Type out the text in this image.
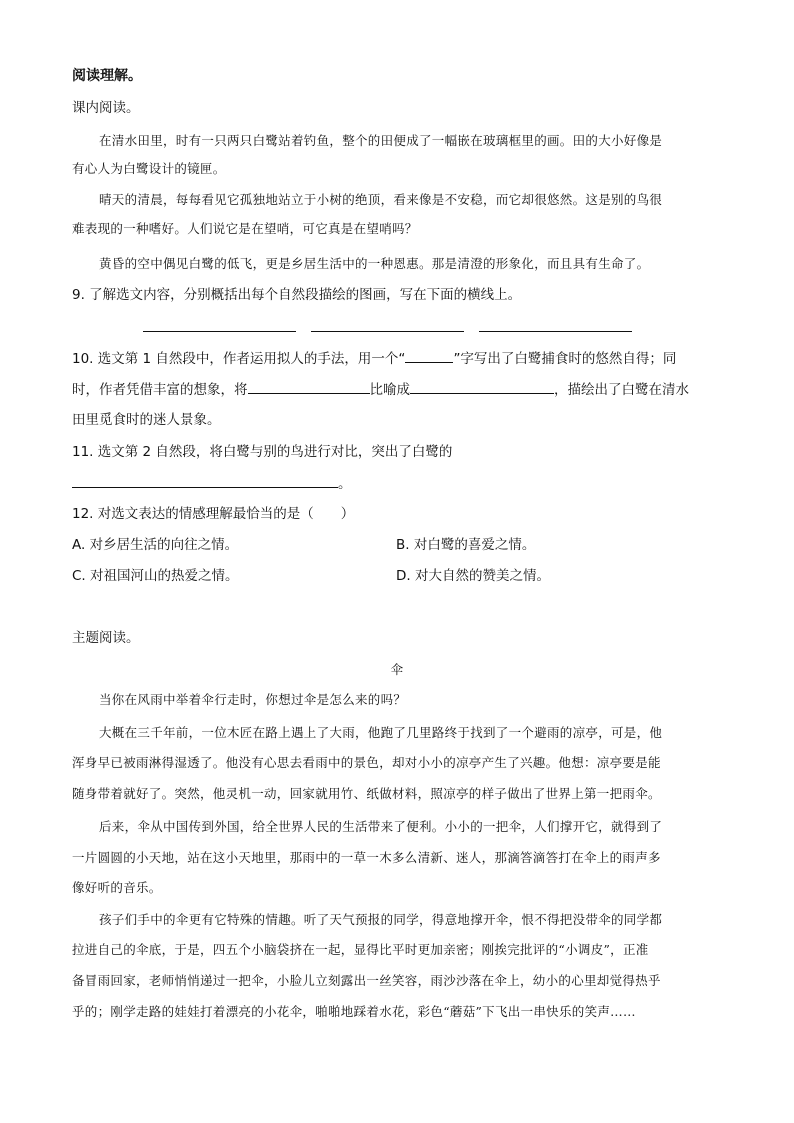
阅读理解。
课内阅读。
在清水田里，时有一只两只白鹭站着钓鱼，整个的田便成了一幅嵌在玻璃框里的画。田的大小好像是
有心人为白鹭设计的镜匣。
晴天的清晨，每每看见它孤独地站立于小树的绝顶，看来像是不安稳，而它却很悠然。这是别的鸟很
难表现的一种嗜好。人们说它是在望哨，可它真是在望哨吗？
黄昏的空中偶见白鹭的低飞，更是乡居生活中的一种恩惠。那是清澄的形象化，而且具有生命了。
9. 了解选文内容，分别概括出每个自然段描绘的图画，写在下面的横线上。
10. 选文第 1 自然段中，作者运用拟人的手法，用一个“	”字写出了白鹭捕食时的悠然自得；同
时，作者凭借丰富的想象，将	比喻成	，描绘出了白鹭在清水
田里觅食时的迷人景象。
11. 选文第 2 自然段，将白鹭与别的鸟进行对比，突出了白鹭的
。
12. 对选文表达的情感理解最恰当的是（　　）
A. 对乡居生活的向往之情。	B. 对白鹭的喜爱之情。
C. 对祖国河山的热爱之情。	D. 对大自然的赞美之情。
主题阅读。
伞
当你在风雨中举着伞行走时，你想过伞是怎么来的吗？
大概在三千年前，一位木匠在路上遇上了大雨，他跑了几里路终于找到了一个避雨的凉亭，可是，他
浑身早已被雨淋得湿透了。他没有心思去看雨中的景色，却对小小的凉亭产生了兴趣。他想：凉亭要是能
随身带着就好了。突然，他灵机一动，回家就用竹、纸做材料，照凉亭的样子做出了世界上第一把雨伞。
后来，伞从中国传到外国，给全世界人民的生活带来了便利。小小的一把伞，人们撑开它，就得到了
一片圆圆的小天地，站在这小天地里，那雨中的一草一木多么清新、迷人，那滴答滴答打在伞上的雨声多
像好听的音乐。
孩子们手中的伞更有它特殊的情趣。听了天气预报的同学，得意地撑开伞，恨不得把没带伞的同学都
拉进自己的伞底，于是，四五个小脑袋挤在一起，显得比平时更加亲密；刚挨完批评的“小调皮”，正准
备冒雨回家，老师悄悄递过一把伞，小脸儿立刻露出一丝笑容，雨沙沙落在伞上，幼小的心里却觉得热乎
乎的；刚学走路的娃娃打着漂亮的小花伞，啪啪地踩着水花，彩色“蘑菇”下飞出一串快乐的笑声……
